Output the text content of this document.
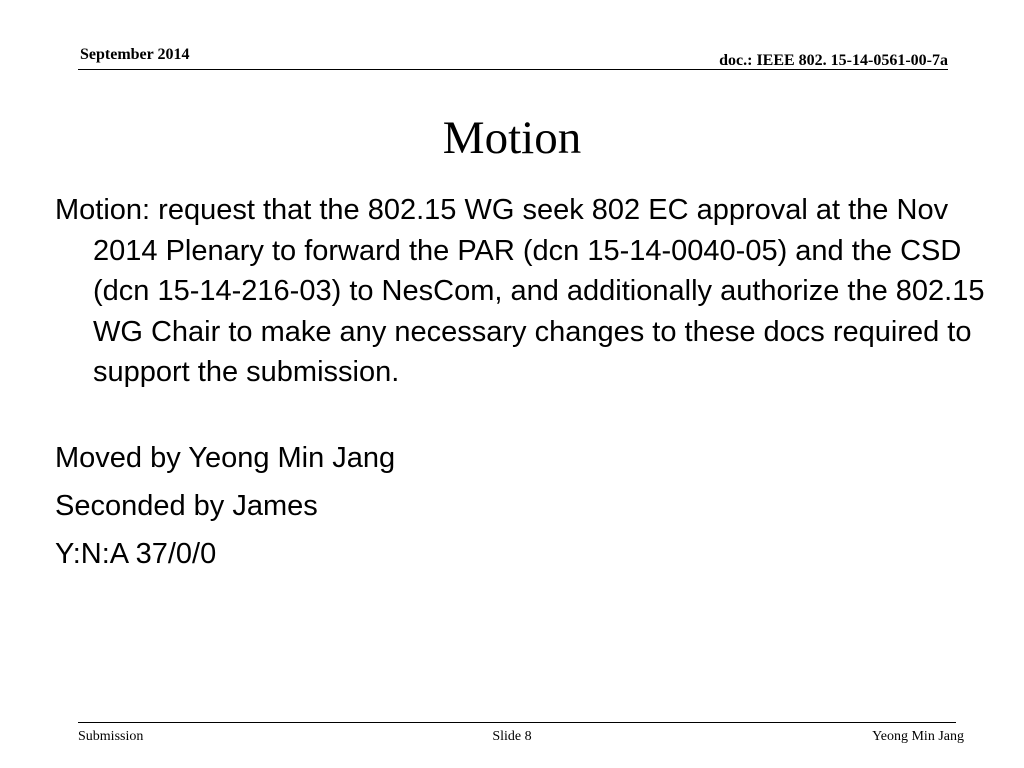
September 2014	doc.: IEEE 802. 15-14-0561-00-7a
Motion

Motion: request that the 802.15 WG seek 802 EC approval at the Nov 2014 Plenary to forward the PAR (dcn 15-14-0040-05) and the CSD (dcn 15-14-216-03) to NesCom, and additionally authorize the 802.15 WG Chair to make any necessary changes to these docs required to support the submission.

Moved by Yeong Min Jang

Seconded by James

Y:N:A 37/0/0

Submission	Slide 8	Yeong Min Jang
